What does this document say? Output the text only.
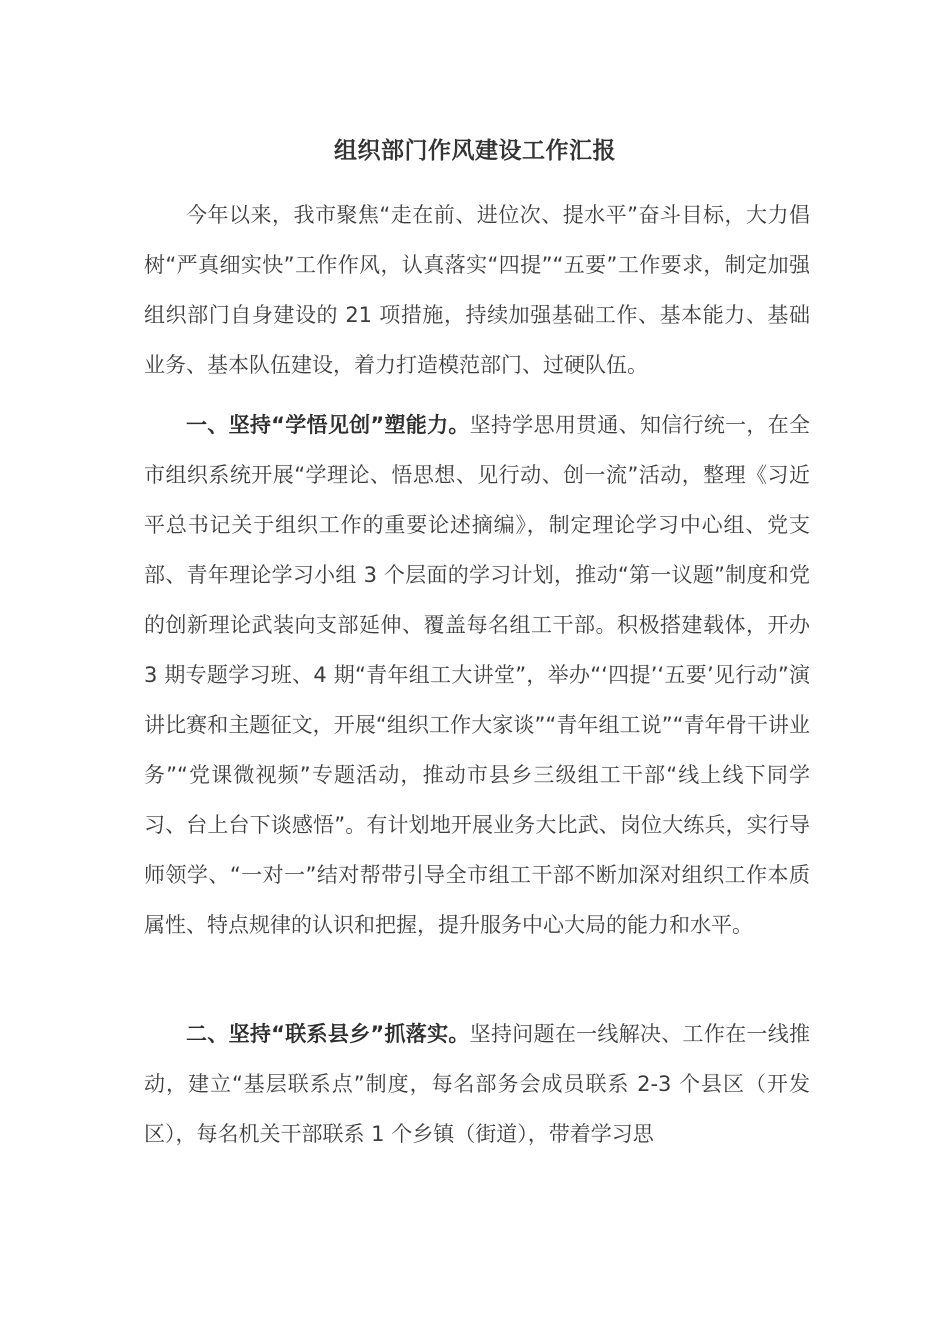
组织部门作风建设工作汇报

今年以来，我市聚焦“走在前、进位次、提水平”奋斗目标，大力倡树“严真细实快”工作作风，认真落实“四提”“五要”工作要求，制定加强组织部门自身建设的 21 项措施，持续加强基础工作、基本能力、基础业务、基本队伍建设，着力打造模范部门、过硬队伍。

一、坚持“学悟见创”塑能力。坚持学思用贯通、知信行统一，在全市组织系统开展“学理论、悟思想、见行动、创一流”活动，整理《习近平总书记关于组织工作的重要论述摘编》，制定理论学习中心组、党支部、青年理论学习小组 3 个层面的学习计划，推动“第一议题”制度和党的创新理论武装向支部延伸、覆盖每名组工干部。积极搭建载体，开办 3 期专题学习班、4 期“青年组工大讲堂”，举办“‘四提’‘五要’见行动”演讲比赛和主题征文，开展“组织工作大家谈”“青年组工说”“青年骨干讲业务”“党课微视频”专题活动，推动市县乡三级组工干部“线上线下同学习、台上台下谈感悟”。有计划地开展业务大比武、岗位大练兵，实行导师领学、“一对一”结对帮带引导全市组工干部不断加深对组织工作本质属性、特点规律的认识和把握，提升服务中心大局的能力和水平。

二、坚持“联系县乡”抓落实。坚持问题在一线解决、工作在一线推动，建立“基层联系点”制度，每名部务会成员联系 2-3 个县区（开发区），每名机关干部联系 1 个乡镇（街道），带着学习思
